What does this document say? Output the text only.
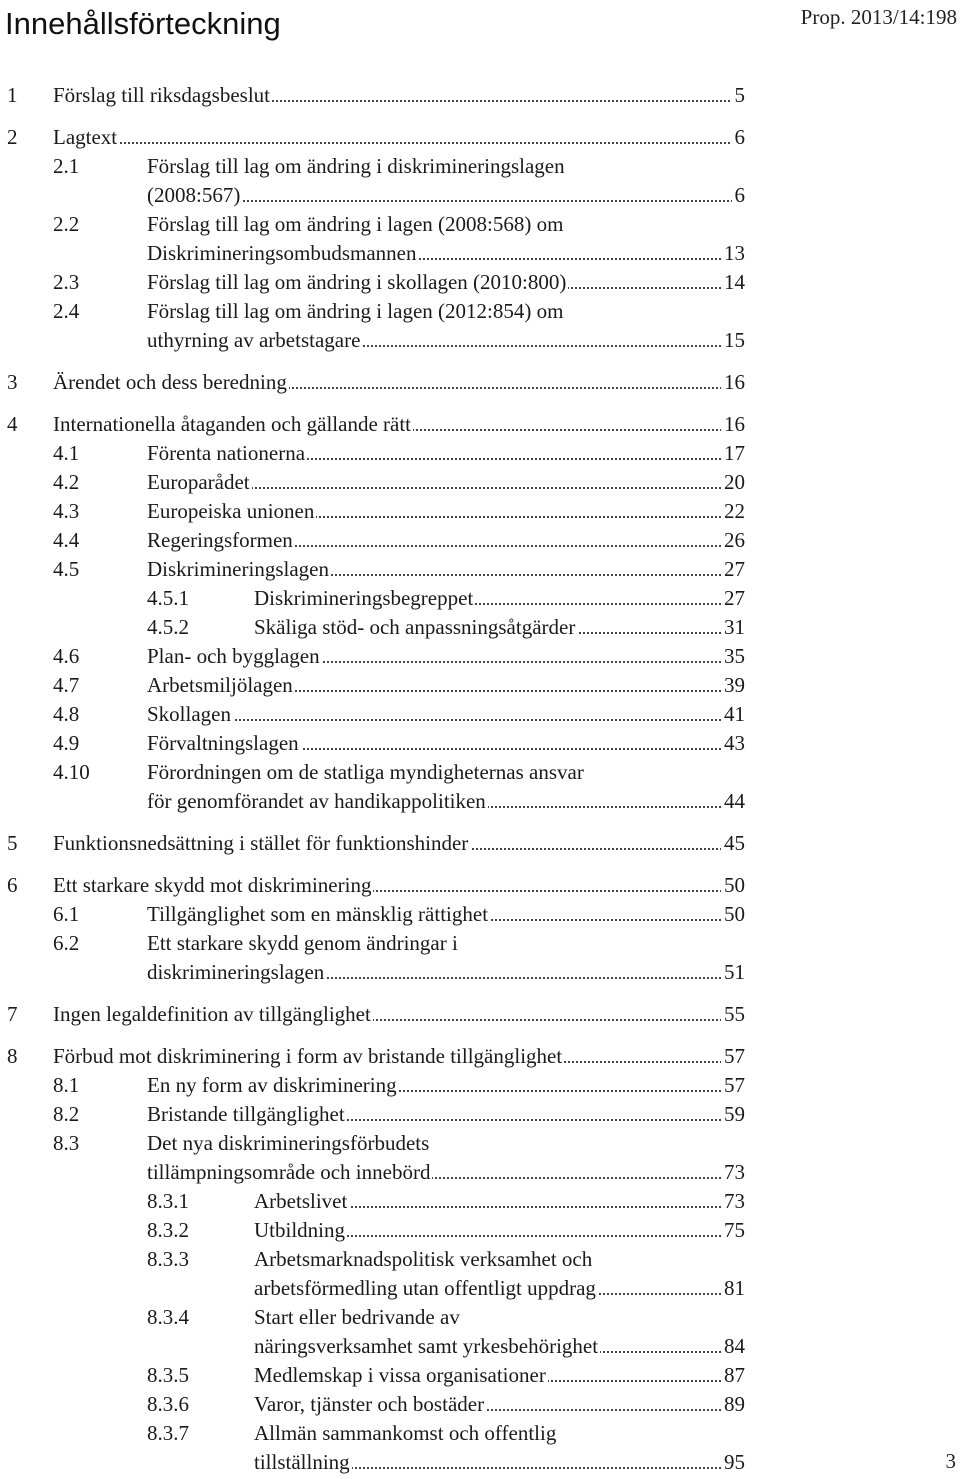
Innehållsförteckning	Prop. 2013/14:198
1 Förslag till riksdagsbeslut	5
2 Lagtext	6
2.1	Förslag till lag om ändring i diskrimineringslagen
(2008:567)	6
2.2	Förslag till lag om ändring i lagen (2008:568) om
Diskrimineringsombudsmannen	13
2.3	Förslag till lag om ändring i skollagen (2010:800)	14
2.4	Förslag till lag om ändring i lagen (2012:854) om
uthyrning av arbetstagare	15
3 Ärendet och dess beredning	16
4 Internationella åtaganden och gällande rätt	16
4.1	Förenta nationerna	17
4.2	Europarådet	20
4.3	Europeiska unionen	22
4.4	Regeringsformen	26
4.5	Diskrimineringslagen	27
4.5.1	Diskrimineringsbegreppet	27
4.5.2	Skäliga stöd- och anpassningsåtgärder	31
4.6	Plan- och bygglagen	35
4.7	Arbetsmiljölagen	39
4.8	Skollagen	41
4.9	Förvaltningslagen	43
4.10	Förordningen om de statliga myndigheternas ansvar
för genomförandet av handikappolitiken	44
5 Funktionsnedsättning i stället för funktionshinder	45
6 Ett starkare skydd mot diskriminering	50
6.1	Tillgänglighet som en mänsklig rättighet	50
6.2	Ett starkare skydd genom ändringar i
diskrimineringslagen	51
7 Ingen legaldefinition av tillgänglighet	55
8 Förbud mot diskriminering i form av bristande tillgänglighet	57
8.1	En ny form av diskriminering	57
8.2	Bristande tillgänglighet	59
8.3	Det nya diskrimineringsförbudets
tillämpningsområde och innebörd	73
8.3.1	Arbetslivet	73
8.3.2	Utbildning	75
8.3.3	Arbetsmarknadspolitisk verksamhet och
arbetsförmedling utan offentligt uppdrag	81
8.3.4	Start eller bedrivande av
näringsverksamhet samt yrkesbehörighet	84
8.3.5	Medlemskap i vissa organisationer	87
8.3.6	Varor, tjänster och bostäder	89
8.3.7	Allmän sammankomst och offentlig
tillställning	95	3
